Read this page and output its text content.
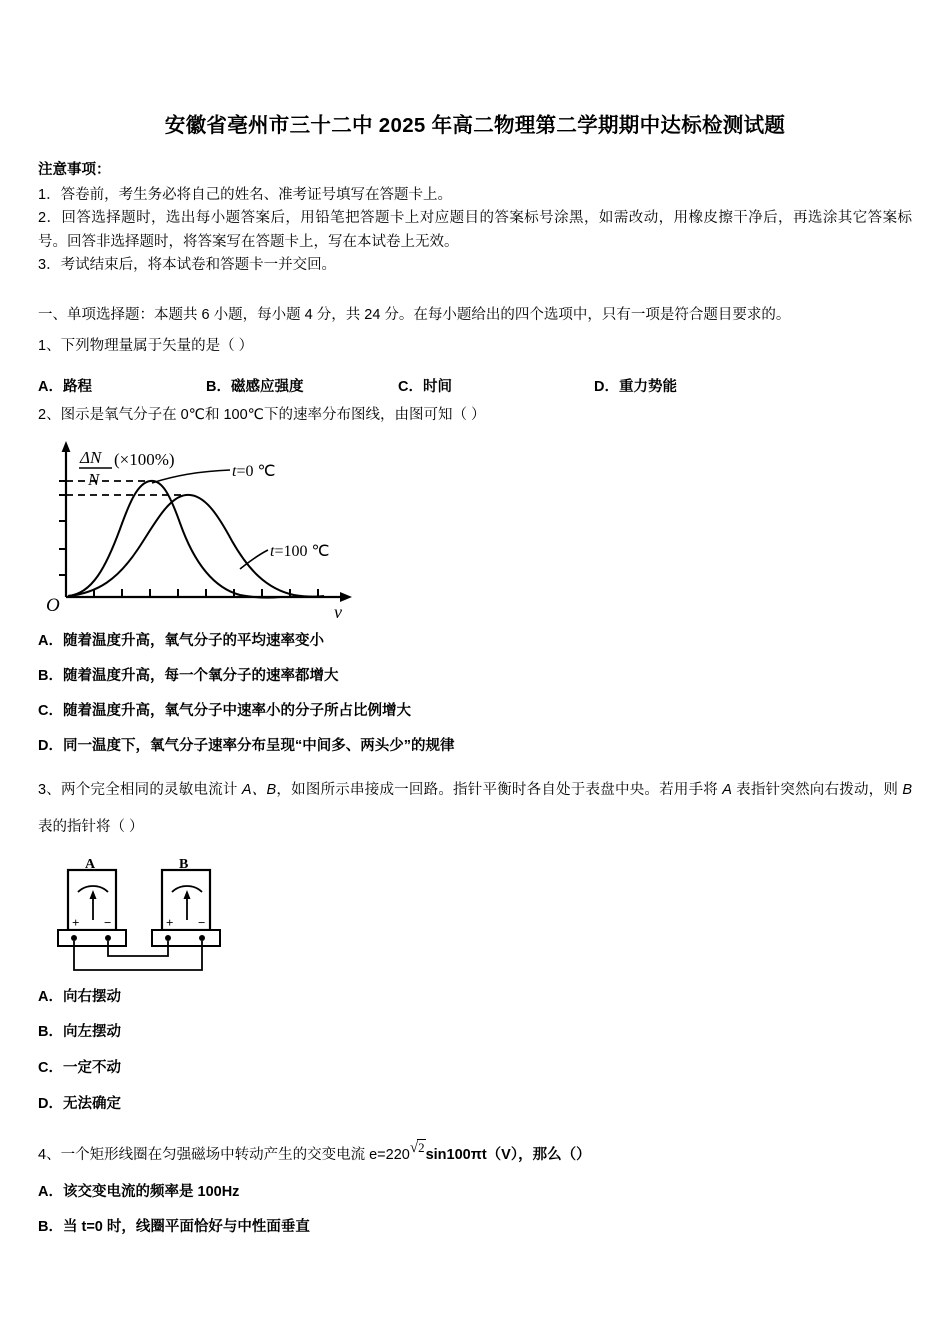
安徽省亳州市三十二中 2025 年高二物理第二学期期中达标检测试题

注意事项：

1．答卷前，考生务必将自己的姓名、准考证号填写在答题卡上。

2．回答选择题时，选出每小题答案后，用铅笔把答题卡上对应题目的答案标号涂黑，如需改动，用橡皮擦干净后，再选涂其它答案标号。回答非选择题时，将答案写在答题卡上，写在本试卷上无效。

3．考试结束后，将本试卷和答题卡一并交回。

一、单项选择题：本题共 6 小题，每小题 4 分，共 24 分。在每小题给出的四个选项中，只有一项是符合题目要求的。
1、下列物理量属于矢量的是（ ）
A．路程	B．磁感应强度	C．时间	D．重力势能
2、图示是氧气分子在 0℃和 100℃下的速率分布图线，由图可知（ ）
ΔN
N
(×100%)
t=0 ℃
t=100 ℃
O	v

A．随着温度升高，氧气分子的平均速率变小

B．随着温度升高，每一个氧分子的速率都增大

C．随着温度升高，氧气分子中速率小的分子所占比例增大

D．同一温度下，氧气分子速率分布呈现“中间多、两头少”的规律

3、两个完全相同的灵敏电流计 A、B，如图所示串接成一回路。指针平衡时各自处于表盘中央。若用手将 A 表指针突然向右拨动，则 B 表的指针将（ ）
+ −
A
+ −
B

A．向右摆动

B．向左摆动

C．一定不动

D．无法确定

4、一个矩形线圈在匀强磁场中转动产生的交变电流 e=220√2sin100πt（V），那么（）

A．该交变电流的频率是 100Hz

B．当 t=0 时，线圈平面恰好与中性面垂直
